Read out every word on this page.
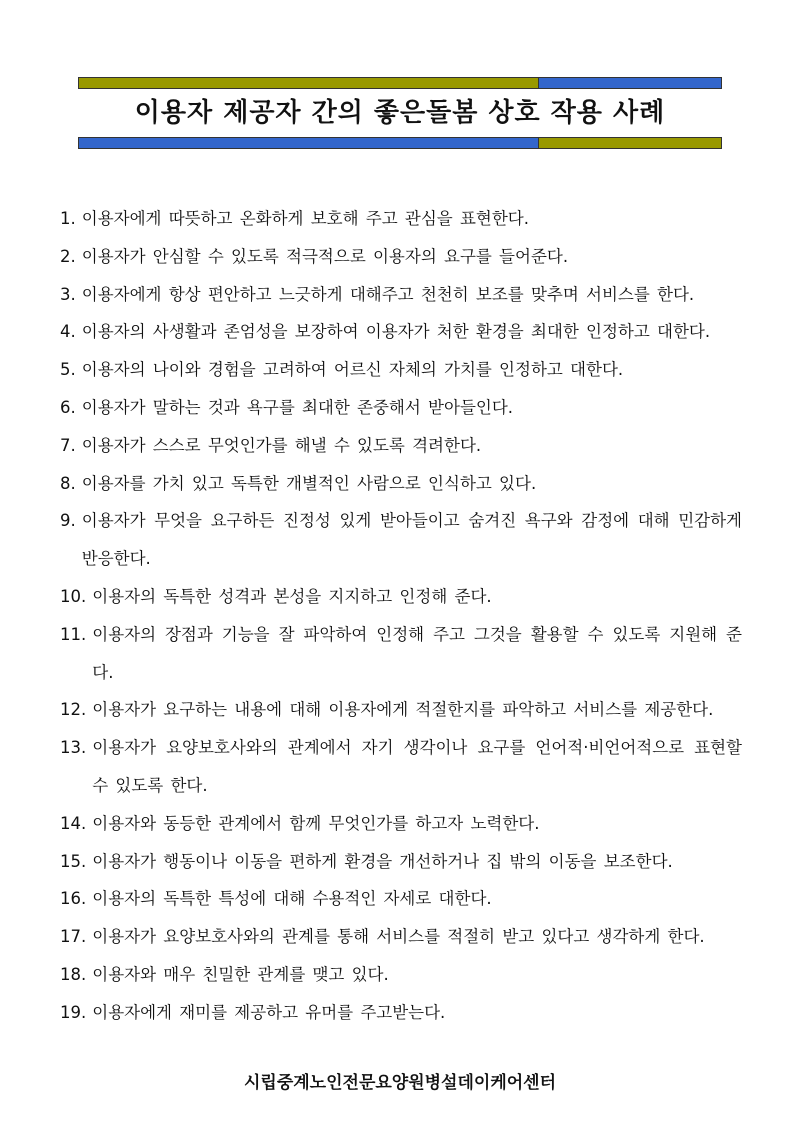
이용자 제공자 간의 좋은돌봄 상호 작용 사례
1. 이용자에게 따뜻하고 온화하게 보호해 주고 관심을 표현한다.
2. 이용자가 안심할 수 있도록 적극적으로 이용자의 요구를 들어준다.
3. 이용자에게 항상 편안하고 느긋하게 대해주고 천천히 보조를 맞추며 서비스를 한다.
4. 이용자의 사생활과 존엄성을 보장하여 이용자가 처한 환경을 최대한 인정하고 대한다.
5. 이용자의 나이와 경험을 고려하여 어르신 자체의 가치를 인정하고 대한다.
6. 이용자가 말하는 것과 욕구를 최대한 존중해서 받아들인다.
7. 이용자가 스스로 무엇인가를 해낼 수 있도록 격려한다.
8. 이용자를 가치 있고 독특한 개별적인 사람으로 인식하고 있다.
9. 이용자가 무엇을 요구하든 진정성 있게 받아들이고 숨겨진 욕구와 감정에 대해 민감하게 반응한다.
10. 이용자의 독특한 성격과 본성을 지지하고 인정해 준다.
11. 이용자의 장점과 기능을 잘 파악하여 인정해 주고 그것을 활용할 수 있도록 지원해 준다.
12. 이용자가 요구하는 내용에 대해 이용자에게 적절한지를 파악하고 서비스를 제공한다.
13. 이용자가 요양보호사와의 관계에서 자기 생각이나 요구를 언어적·비언어적으로 표현할 수 있도록 한다.
14. 이용자와 동등한 관계에서 함께 무엇인가를 하고자 노력한다.
15. 이용자가 행동이나 이동을 편하게 환경을 개선하거나 집 밖의 이동을 보조한다.
16. 이용자의 독특한 특성에 대해 수용적인 자세로 대한다.
17. 이용자가 요양보호사와의 관계를 통해 서비스를 적절히 받고 있다고 생각하게 한다.
18. 이용자와 매우 친밀한 관계를 맺고 있다.
19. 이용자에게 재미를 제공하고 유머를 주고받는다.
시립중계노인전문요양원병설데이케어센터
